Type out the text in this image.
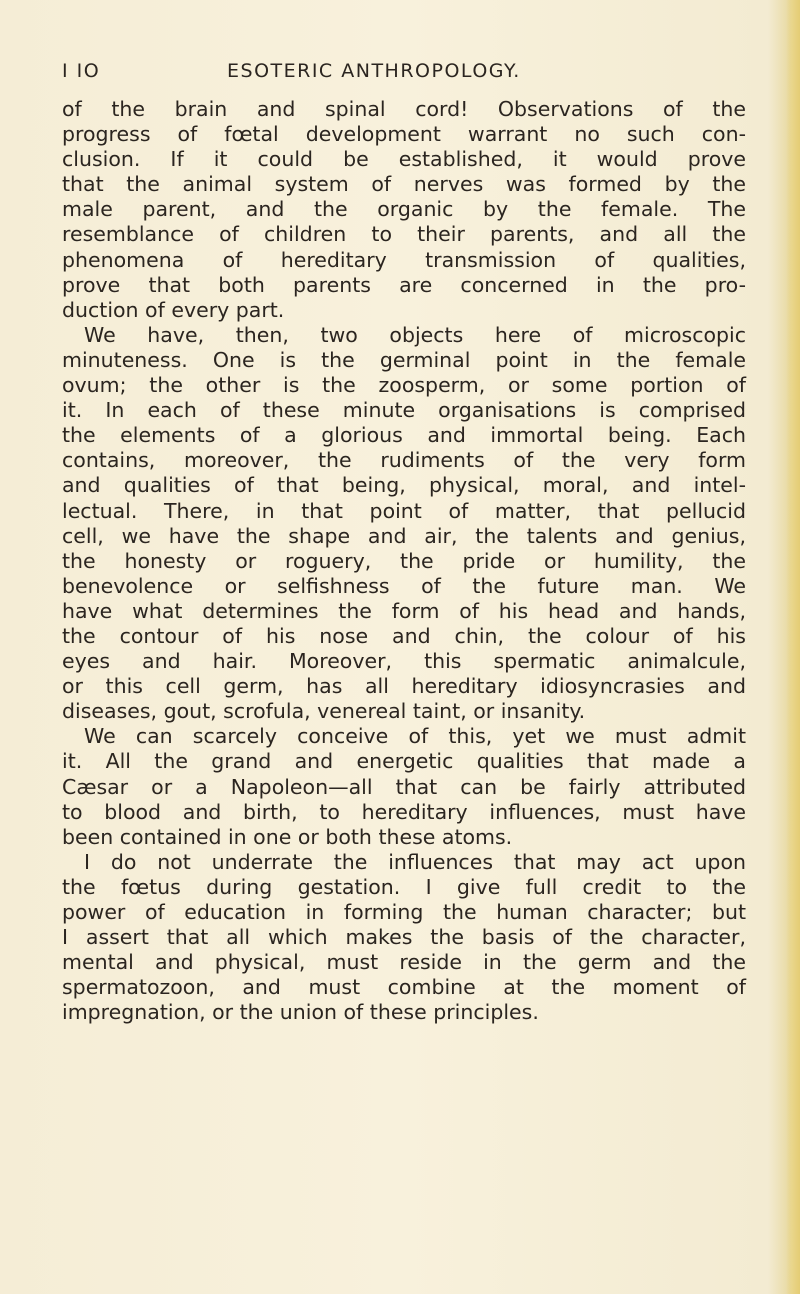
I IO	ESOTERIC ANTHROPOLOGY.
of the brain and spinal cord! Observations of the
progress of fœtal development warrant no such con-
clusion. If it could be established, it would prove
that the animal system of nerves was formed by the
male parent, and the organic by the female. The
resemblance of children to their parents, and all the
phenomena of hereditary transmission of qualities,
prove that both parents are concerned in the pro-
duction of every part.
We have, then, two objects here of microscopic
minuteness. One is the germinal point in the female
ovum; the other is the zoosperm, or some portion of
it. In each of these minute organisations is comprised
the elements of a glorious and immortal being. Each
contains, moreover, the rudiments of the very form
and qualities of that being, physical, moral, and intel-
lectual. There, in that point of matter, that pellucid
cell, we have the shape and air, the talents and genius,
the honesty or roguery, the pride or humility, the
benevolence or selfishness of the future man. We
have what determines the form of his head and hands,
the contour of his nose and chin, the colour of his
eyes and hair. Moreover, this spermatic animalcule,
or this cell germ, has all hereditary idiosyncrasies and
diseases, gout, scrofula, venereal taint, or insanity.
We can scarcely conceive of this, yet we must admit
it. All the grand and energetic qualities that made a
Cæsar or a Napoleon—all that can be fairly attributed
to blood and birth, to hereditary influences, must have
been contained in one or both these atoms.
I do not underrate the influences that may act upon
the fœtus during gestation. I give full credit to the
power of education in forming the human character; but
I assert that all which makes the basis of the character,
mental and physical, must reside in the germ and the
spermatozoon, and must combine at the moment of
impregnation, or the union of these principles.
